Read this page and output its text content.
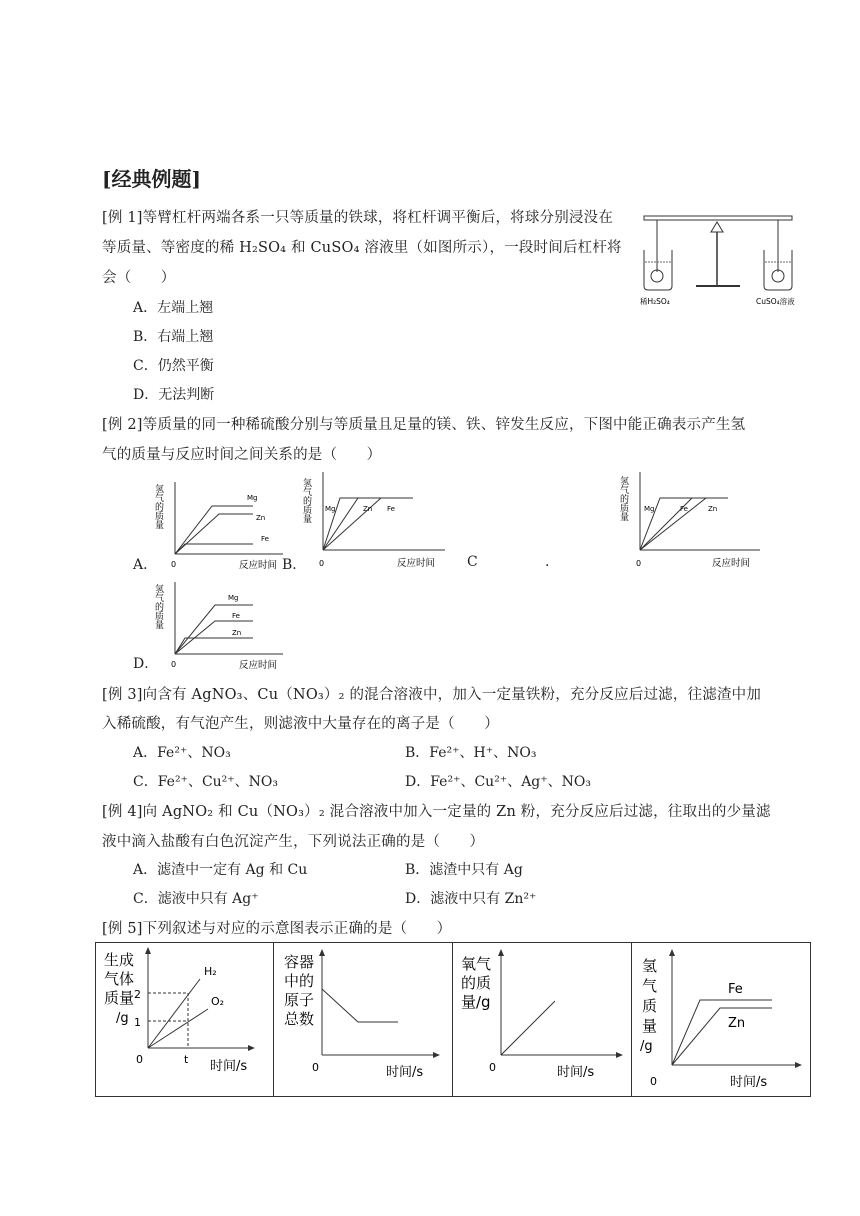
[经典例题]
[例 1]等臂杠杆两端各系一只等质量的铁球，将杠杆调平衡后，将球分别浸没在
等质量、等密度的稀 H₂SO₄ 和 CuSO₄ 溶液里（如图所示），一段时间后杠杆将
会（　　）
A．左端上翘
B．右端上翘
C．仍然平衡
D．无法判断
稀H₂SO₄	CuSO₄溶液
[例 2]等质量的同一种稀硫酸分别与等质量且足量的镁、铁、锌发生反应，下图中能正确表示产生氢
气的质量与反应时间之间关系的是（　　）
A．	B．	C	.
D．
氢气的质量
0	反应时间
Mg
Zn
Fe
氢气的质量
0	反应时间
Mg	Zn Fe	氢气的质量
0	反应时间
Mg	Fe	Zn
氢气的质量
0	反应时间
Mg
Fe
Zn
[例 3]向含有 AgNO₃、Cu（NO₃）₂ 的混合溶液中，加入一定量铁粉，充分反应后过滤，往滤渣中加
入稀硫酸，有气泡产生，则滤液中大量存在的离子是（　　）
A．Fe²⁺、NO₃	B．Fe²⁺、H⁺、NO₃
C．Fe²⁺、Cu²⁺、NO₃	D．Fe²⁺、Cu²⁺、Ag⁺、NO₃
[例 4]向 AgNO₂ 和 Cu（NO₃）₂ 混合溶液中加入一定量的 Zn 粉，充分反应后过滤，往取出的少量滤
液中滴入盐酸有白色沉淀产生，下列说法正确的是（　　）
A．滤渣中一定有 Ag 和 Cu	B．滤渣中只有 Ag
C．滤液中只有 Ag⁺	D．滤液中只有 Zn²⁺
[例 5]下列叙述与对应的示意图表示正确的是（　　）
生成
气体
质量
/g
0
2
1
t
H₂
O₂
时间/s
容器
中的
原子
总数
0	时间/s
氧气
的质
量/g
0	时间/s
氢
气
质
量
/g
0
Fe
Zn
时间/s
